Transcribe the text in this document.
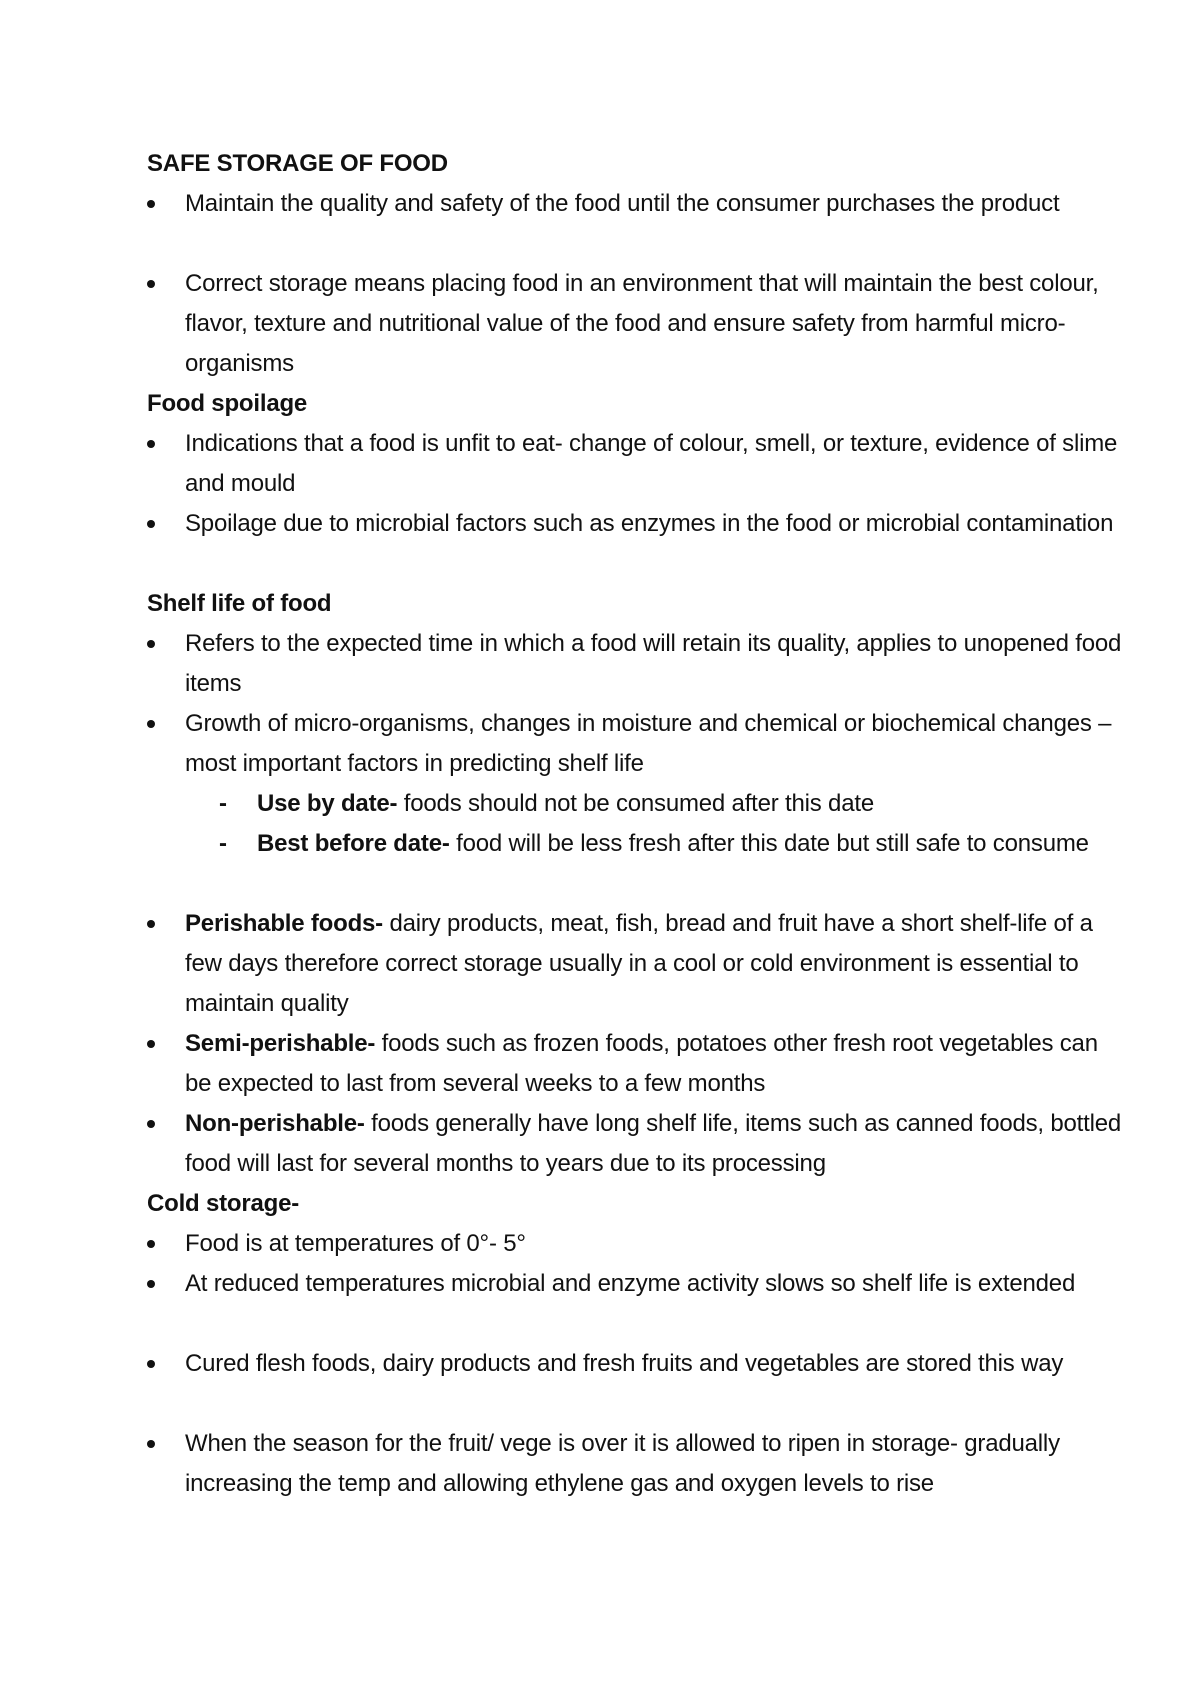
SAFE STORAGE OF FOOD
Maintain the quality and safety of the food until the consumer purchases the product
Correct storage means placing food in an environment that will maintain the best colour, flavor, texture and nutritional value of the food and ensure safety from harmful micro-organisms
Food spoilage
Indications that a food is unfit to eat- change of colour, smell, or texture, evidence of slime and mould
Spoilage due to microbial factors such as enzymes in the food or microbial contamination
Shelf life of food
Refers to the expected time in which a food will retain its quality, applies to unopened food items
Growth of micro-organisms, changes in moisture and chemical or biochemical changes – most important factors in predicting shelf life
- Use by date- foods should not be consumed after this date
- Best before date- food will be less fresh after this date but still safe to consume
Perishable foods- dairy products, meat, fish, bread and fruit have a short shelf-life of a few days therefore correct storage usually in a cool or cold environment is essential to maintain quality
Semi-perishable- foods such as frozen foods, potatoes other fresh root vegetables can be expected to last from several weeks to a few months
Non-perishable- foods generally have long shelf life, items such as canned foods, bottled food will last for several months to years due to its processing
Cold storage-
Food is at temperatures of 0°- 5°
At reduced temperatures microbial and enzyme activity slows so shelf life is extended
Cured flesh foods, dairy products and fresh fruits and vegetables are stored this way
When the season for the fruit/ vege is over it is allowed to ripen in storage- gradually increasing the temp and allowing ethylene gas and oxygen levels to rise
